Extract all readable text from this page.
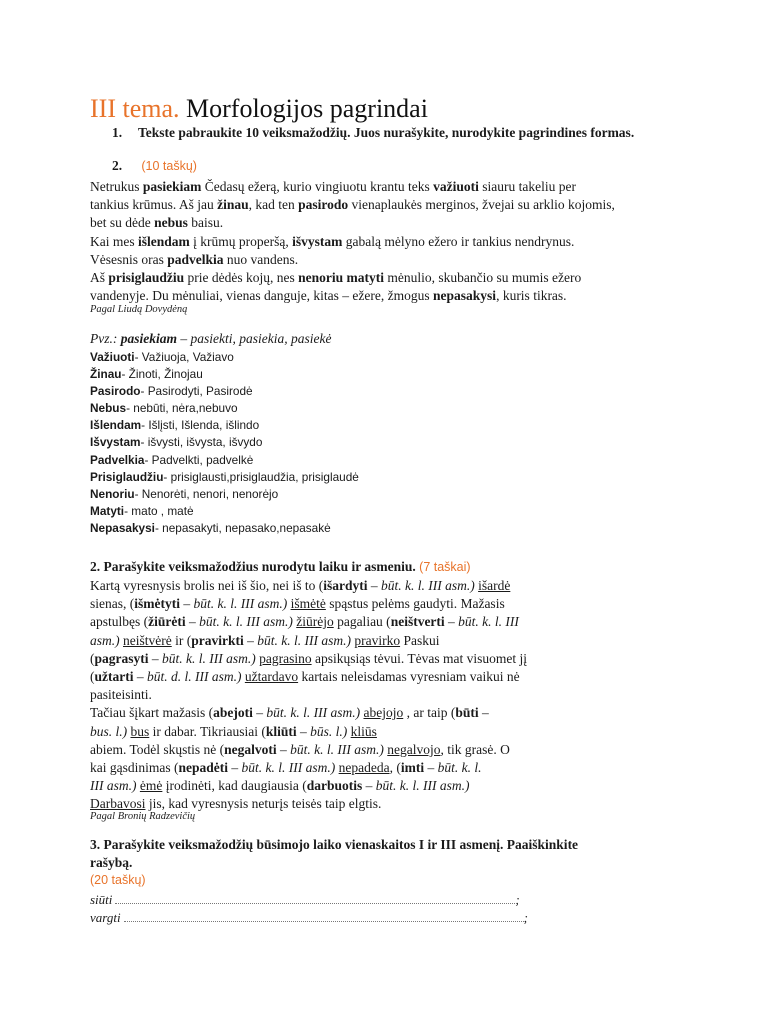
III tema. Morfologijos pagrindai
1. Tekste pabraukite 10 veiksmažodžių. Juos nurašykite, nurodykite pagrindines formas.
2. (10 taškų)
Netrukus pasiekiam Čedasų ežerą, kurio vingiuotu krantu teks važiuoti siauru takeliu per
tankius krūmus. Aš jau žinau, kad ten pasirodo vienaplaukės merginos, žvejai su arklio kojomis,
bet su dėde nebus baisu.
Kai mes išlendam į krūmų properšą, išvystam gabalą mėlyno ežero ir tankius nendrynus.
Vėsesnis oras padvelkia nuo vandens.
Aš prisiglaudžiu prie dėdės kojų, nes nenoriu matyti mėnulio, skubančio su mumis ežero
vandenyje. Du mėnuliai, vienas danguje, kitas – ežere, žmogus nepasakysi, kuris tikras.
Pagal Liudą Dovydėną
Pvz.: pasiekiam – pasiekti, pasiekia, pasiekė
Važiuoti- Važiuoja, Važiavo
Žinau- Žinoti, Žinojau
Pasirodo- Pasirodyti, Pasirodė
Nebus- nebūti, nėra,nebuvo
Išlendam- Išlįsti, Išlenda, išlindo
Išvystam- išvysti, išvysta, išvydo
Padvelkia- Padvelkti, padvelkė
Prisiglaudžiu- prisiglausti,prisiglaudžia, prisiglaudė
Nenoriu- Nenorėti, nenori, nenorėjo
Matyti- mato , matė
Nepasakysi- nepasakyti, nepasako,nepasakė
2. Parašykite veiksmažodžius nurodytu laiku ir asmeniu. (7 taškai)
Kartą vyresnysis brolis nei iš šio, nei iš to (išardyti – būt. k. l. III asm.) išardė
sienas, (išmėtyti – būt. k. l. III asm.) išmėtė spąstus pelėms gaudyti. Mažasis
apstulbęs (žiūrėti – būt. k. l. III asm.) žiūrėjo pagaliau (neištverti – būt. k. l. III
asm.) neištvėrė ir (pravirkti – būt. k. l. III asm.) pravirko Paskui
(pagrasyti – būt. k. l. III asm.) pagrasino apsikųsiąs tėvui. Tėvas mat visuomet jį
(užtarti – būt. d. l. III asm.) užtardavo kartais neleisdamas vyresniam vaikui nė
pasiteisinti.
Tačiau šįkart mažasis (abejoti – būt. k. l. III asm.) abejojo , ar taip (būti –
bus. l.) bus ir dabar. Tikriausiai (kliūti – būs. l.) kliūs
abiem. Todėl skųstis nė (negalvoti – būt. k. l. III asm.) negalvojo, tik grasė. O
kai gąsdinimas (nepadėti – būt. k. l. III asm.) nepadeda, (imti – būt. k. l.
III asm.) ėmė įrodinėti, kad daugiausia (darbuotis – būt. k. l. III asm.)
Darbavosi jis, kad vyresnysis neturįs teisės taip elgtis.
Pagal Bronių Radzevičių
3. Parašykite veiksmažodžių būsimojo laiko vienaskaitos I ir III asmenį. Paaiškinkite
rašybą.
(20 taškų)
siūti	;
vargti	;
